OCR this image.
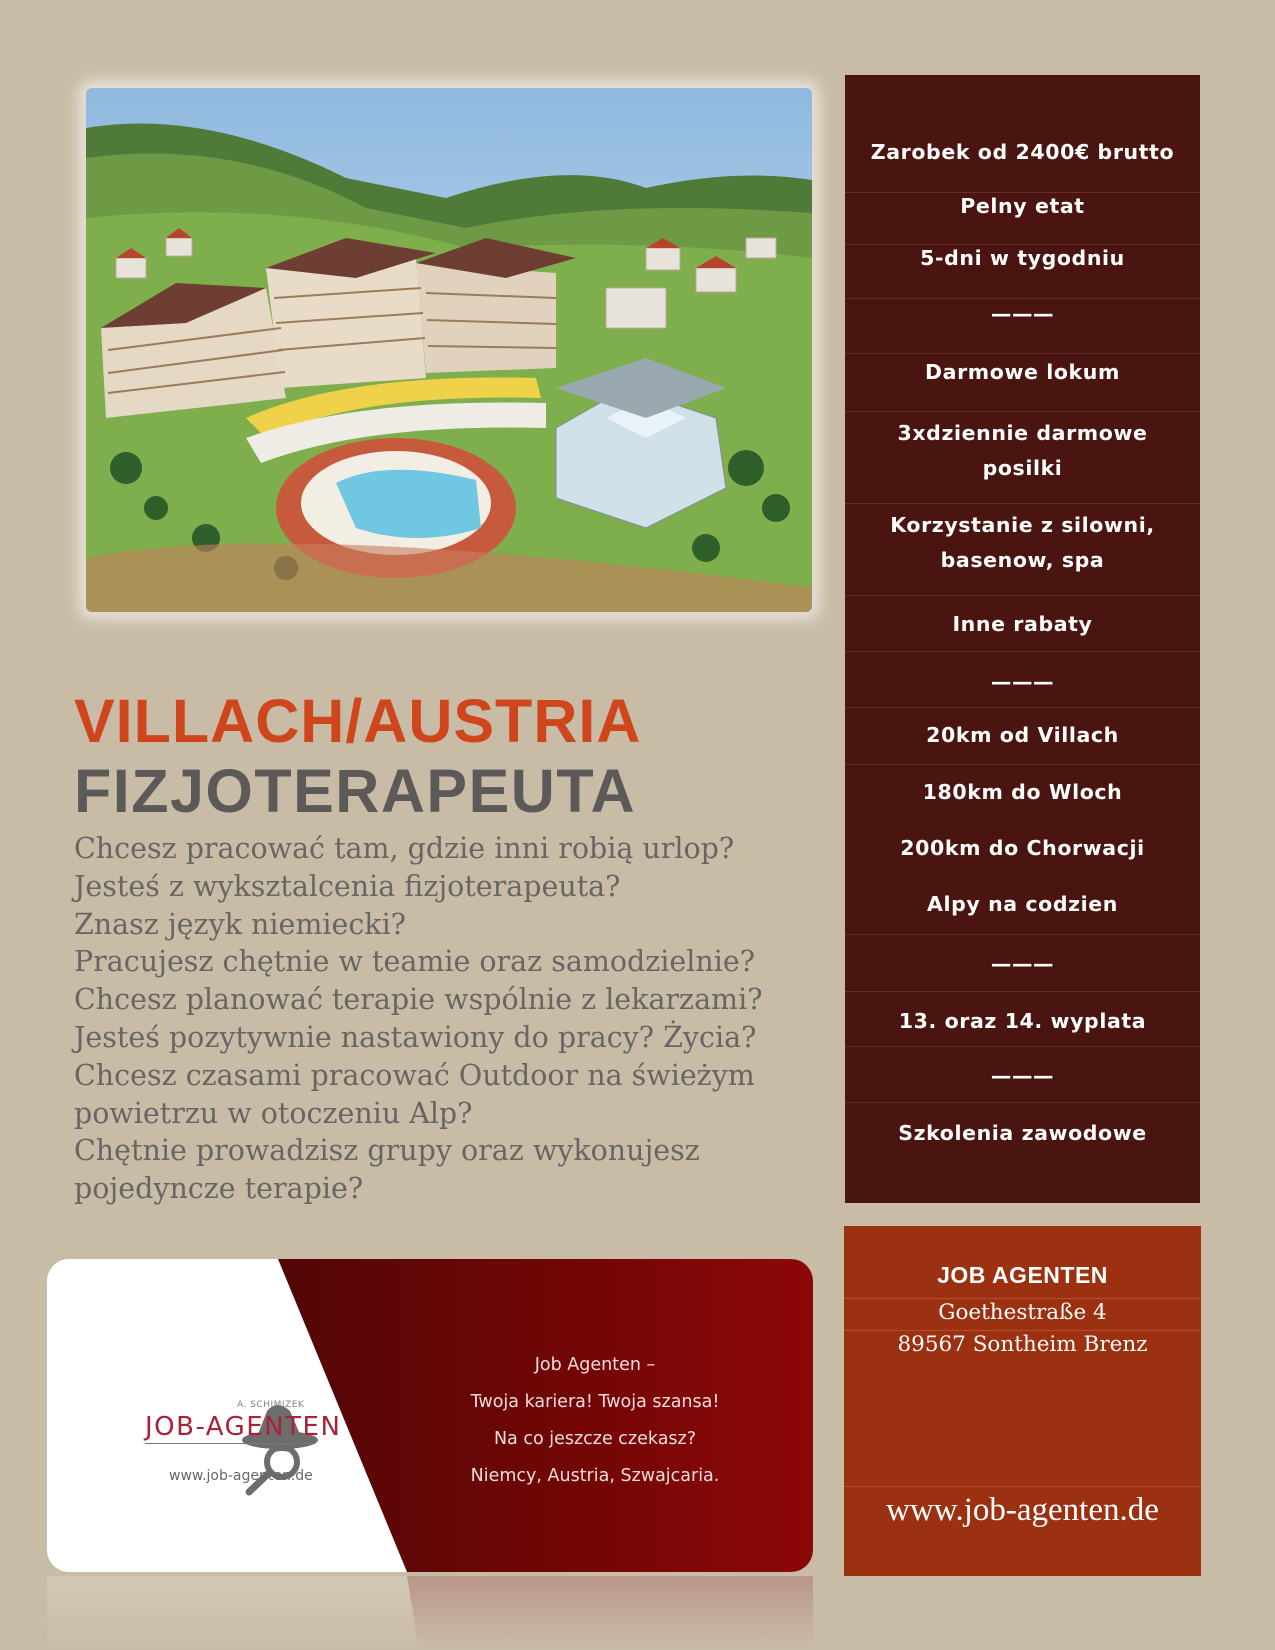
Zarobek od 2400€ brutto
Pelny etat
5-dni w tygodniu
———
Darmowe lokum
3xdziennie darmowe posilki
Korzystanie z silowni, basenow, spa
Inne rabaty
———
20km od Villach
180km do Wloch
200km do Chorwacji
Alpy na codzien
———
13. oraz 14. wyplata
———
Szkolenia zawodowe
VILLACH/AUSTRIA
FIZJOTERAPEUTA
Chcesz pracować tam, gdzie inni robią urlop?
Jesteś z wyksztalcenia fizjoterapeuta?
Znasz język niemiecki?
Pracujesz chętnie w teamie oraz samodzielnie?
Chcesz planować terapie wspólnie z lekarzami?
Jesteś pozytywnie nastawiony do pracy? Życia?
Chcesz czasami pracować Outdoor na świeżym
powietrzu w otoczeniu Alp?
Chętnie prowadzisz grupy oraz wykonujesz
pojedyncze terapie?
A. SCHIMIZEK
JOB-AGENTEN
www.job-agenten.de
Job Agenten –
Twoja kariera! Twoja szansa!
Na co jeszcze czekasz?
Niemcy, Austria, Szwajcaria.
JOB AGENTEN
Goethestraße 4
89567 Sontheim Brenz
www.job-agenten.de
